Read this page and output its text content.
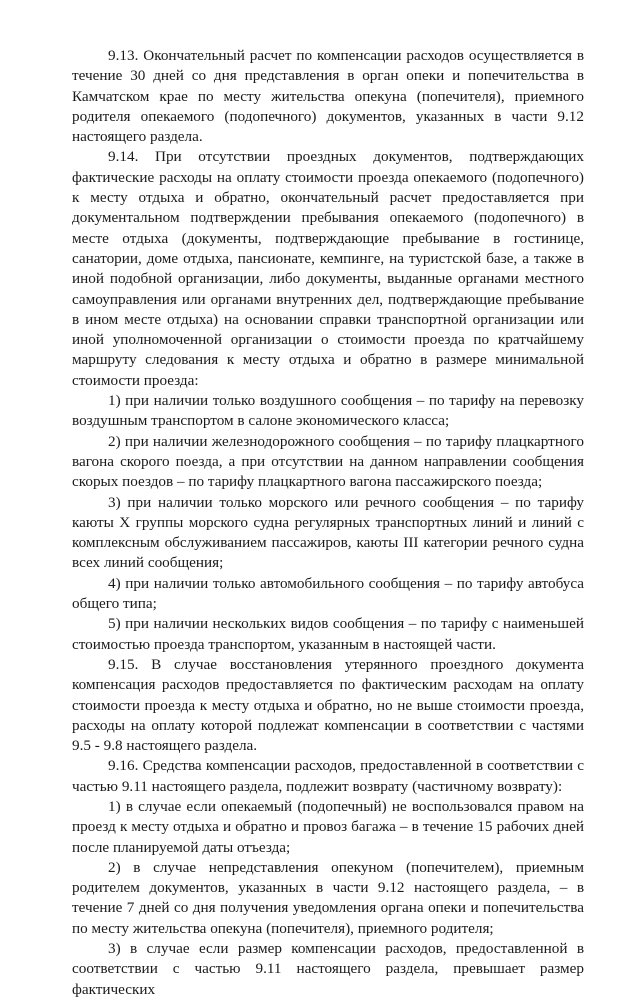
9.13. Окончательный расчет по компенсации расходов осуществляется в течение 30 дней со дня представления в орган опеки и попечительства в Камчатском крае по месту жительства опекуна (попечителя), приемного родителя опекаемого (подопечного) документов, указанных в части 9.12 настоящего раздела.

9.14. При отсутствии проездных документов, подтверждающих фактические расходы на оплату стоимости проезда опекаемого (подопечного) к месту отдыха и обратно, окончательный расчет предоставляется при документальном подтверждении пребывания опекаемого (подопечного) в месте отдыха (документы, подтверждающие пребывание в гостинице, санатории, доме отдыха, пансионате, кемпинге, на туристской базе, а также в иной подобной организации, либо документы, выданные органами местного самоуправления или органами внутренних дел, подтверждающие пребывание в ином месте отдыха) на основании справки транспортной организации или иной уполномоченной организации о стоимости проезда по кратчайшему маршруту следования к месту отдыха и обратно в размере минимальной стоимости проезда:

1) при наличии только воздушного сообщения – по тарифу на перевозку воздушным транспортом в салоне экономического класса;

2) при наличии железнодорожного сообщения – по тарифу плацкартного вагона скорого поезда, а при отсутствии на данном направлении сообщения скорых поездов – по тарифу плацкартного вагона пассажирского поезда;

3) при наличии только морского или речного сообщения – по тарифу каюты X группы морского судна регулярных транспортных линий и линий с комплексным обслуживанием пассажиров, каюты III категории речного судна всех линий сообщения;

4) при наличии только автомобильного сообщения – по тарифу автобуса общего типа;

5) при наличии нескольких видов сообщения – по тарифу с наименьшей стоимостью проезда транспортом, указанным в настоящей части.

9.15. В случае восстановления утерянного проездного документа компенсация расходов предоставляется по фактическим расходам на оплату стоимости проезда к месту отдыха и обратно, но не выше стоимости проезда, расходы на оплату которой подлежат компенсации в соответствии с частями 9.5 - 9.8 настоящего раздела.

9.16. Средства компенсации расходов, предоставленной в соответствии с частью 9.11 настоящего раздела, подлежит возврату (частичному возврату):

1) в случае если опекаемый (подопечный) не воспользовался правом на проезд к месту отдыха и обратно и провоз багажа – в течение 15 рабочих дней после планируемой даты отъезда;

2) в случае непредставления опекуном (попечителем), приемным родителем документов, указанных в части 9.12 настоящего раздела, – в течение 7 дней со дня получения уведомления органа опеки и попечительства по месту жительства опекуна (попечителя), приемного родителя;

3) в случае если размер компенсации расходов, предоставленной в соответствии с частью 9.11 настоящего раздела, превышает размер фактических
